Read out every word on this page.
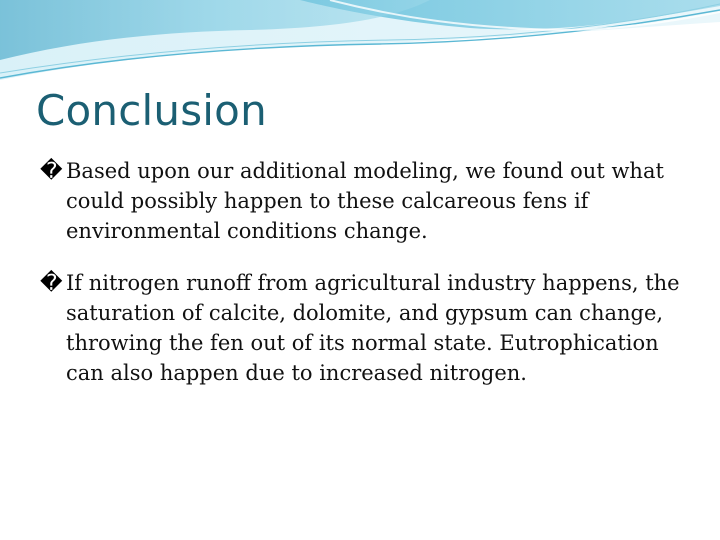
Conclusion
� Based upon our additional modeling, we found out what could possibly happen to these calcareous fens if environmental conditions change.
� If nitrogen runoff from agricultural industry happens, the saturation of calcite, dolomite, and gypsum can change, throwing the fen out of its normal state. Eutrophication can also happen due to increased nitrogen.
